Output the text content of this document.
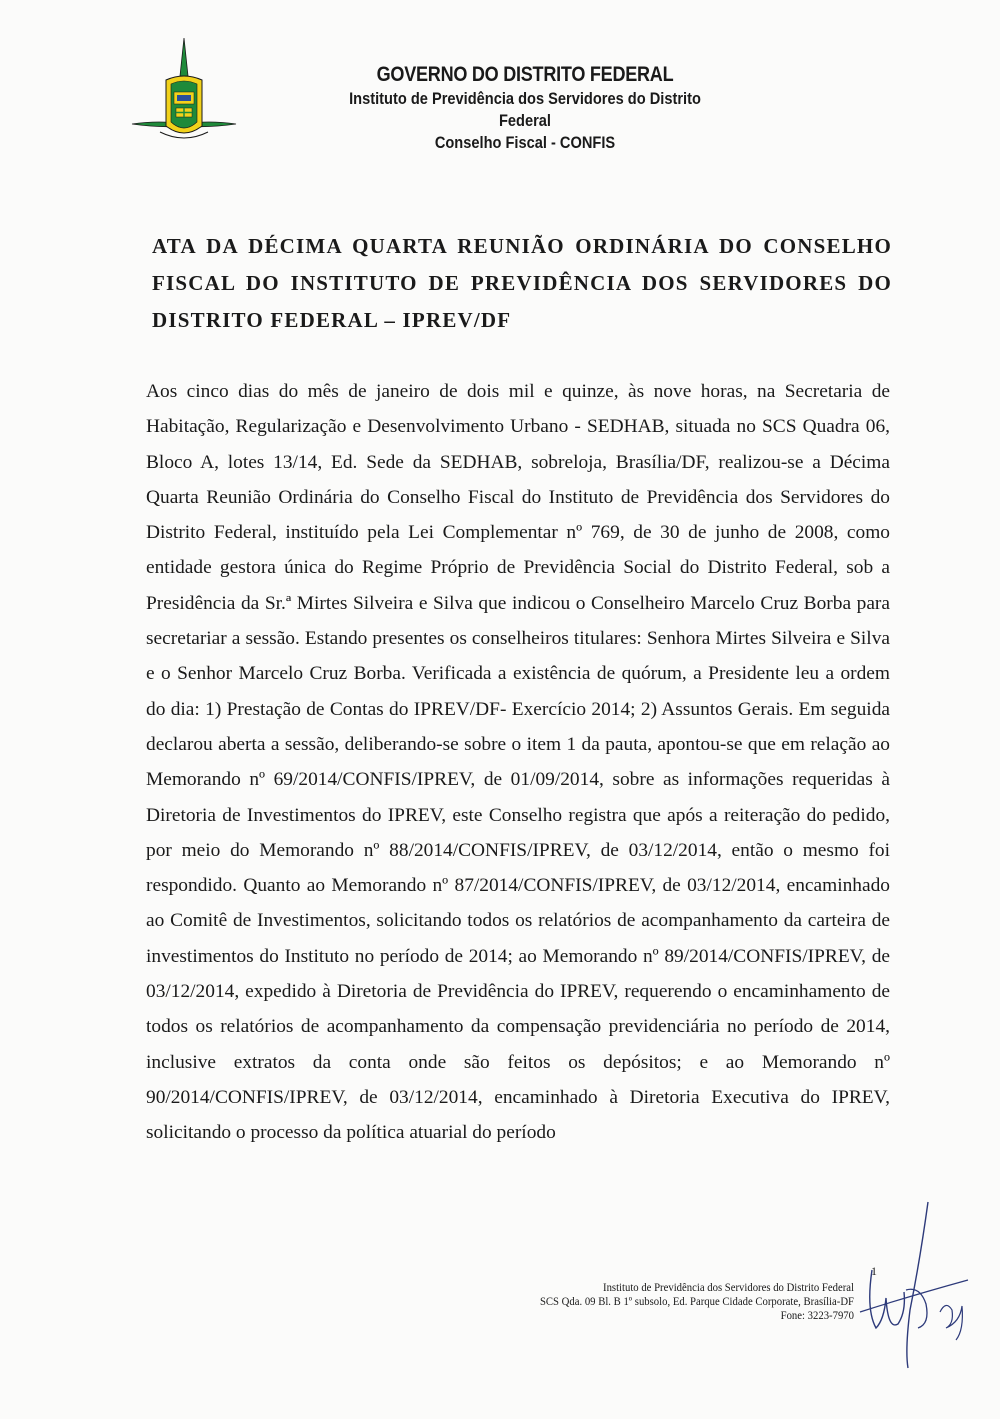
GOVERNO DO DISTRITO FEDERAL
Instituto de Previdência dos Servidores do Distrito Federal
Conselho Fiscal - CONFIS
ATA DA DÉCIMA QUARTA REUNIÃO ORDINÁRIA DO CONSELHO FISCAL DO INSTITUTO DE PREVIDÊNCIA DOS SERVIDORES DO DISTRITO FEDERAL – IPREV/DF
Aos cinco dias do mês de janeiro de dois mil e quinze, às nove horas, na Secretaria de Habitação, Regularização e Desenvolvimento Urbano - SEDHAB, situada no SCS Quadra 06, Bloco A, lotes 13/14, Ed. Sede da SEDHAB, sobreloja, Brasília/DF, realizou-se a Décima Quarta Reunião Ordinária do Conselho Fiscal do Instituto de Previdência dos Servidores do Distrito Federal, instituído pela Lei Complementar nº 769, de 30 de junho de 2008, como entidade gestora única do Regime Próprio de Previdência Social do Distrito Federal, sob a Presidência da Sr.ª Mirtes Silveira e Silva que indicou o Conselheiro Marcelo Cruz Borba para secretariar a sessão. Estando presentes os conselheiros titulares: Senhora Mirtes Silveira e Silva e o Senhor Marcelo Cruz Borba. Verificada a existência de quórum, a Presidente leu a ordem do dia: 1) Prestação de Contas do IPREV/DF- Exercício 2014; 2) Assuntos Gerais. Em seguida declarou aberta a sessão, deliberando-se sobre o item 1 da pauta, apontou-se que em relação ao Memorando nº 69/2014/CONFIS/IPREV, de 01/09/2014, sobre as informações requeridas à Diretoria de Investimentos do IPREV, este Conselho registra que após a reiteração do pedido, por meio do Memorando nº 88/2014/CONFIS/IPREV, de 03/12/2014, então o mesmo foi respondido. Quanto ao Memorando nº 87/2014/CONFIS/IPREV, de 03/12/2014, encaminhado ao Comitê de Investimentos, solicitando todos os relatórios de acompanhamento da carteira de investimentos do Instituto no período de 2014; ao Memorando nº 89/2014/CONFIS/IPREV, de 03/12/2014, expedido à Diretoria de Previdência do IPREV, requerendo o encaminhamento de todos os relatórios de acompanhamento da compensação previdenciária no período de 2014, inclusive extratos da conta onde são feitos os depósitos; e ao Memorando nº 90/2014/CONFIS/IPREV, de 03/12/2014, encaminhado à Diretoria Executiva do IPREV, solicitando o processo da política atuarial do período
1
Instituto de Previdência dos Servidores do Distrito Federal
SCS Qda. 09 Bl. B 1º subsolo, Ed. Parque Cidade Corporate, Brasília-DF
Fone: 3223-7970
